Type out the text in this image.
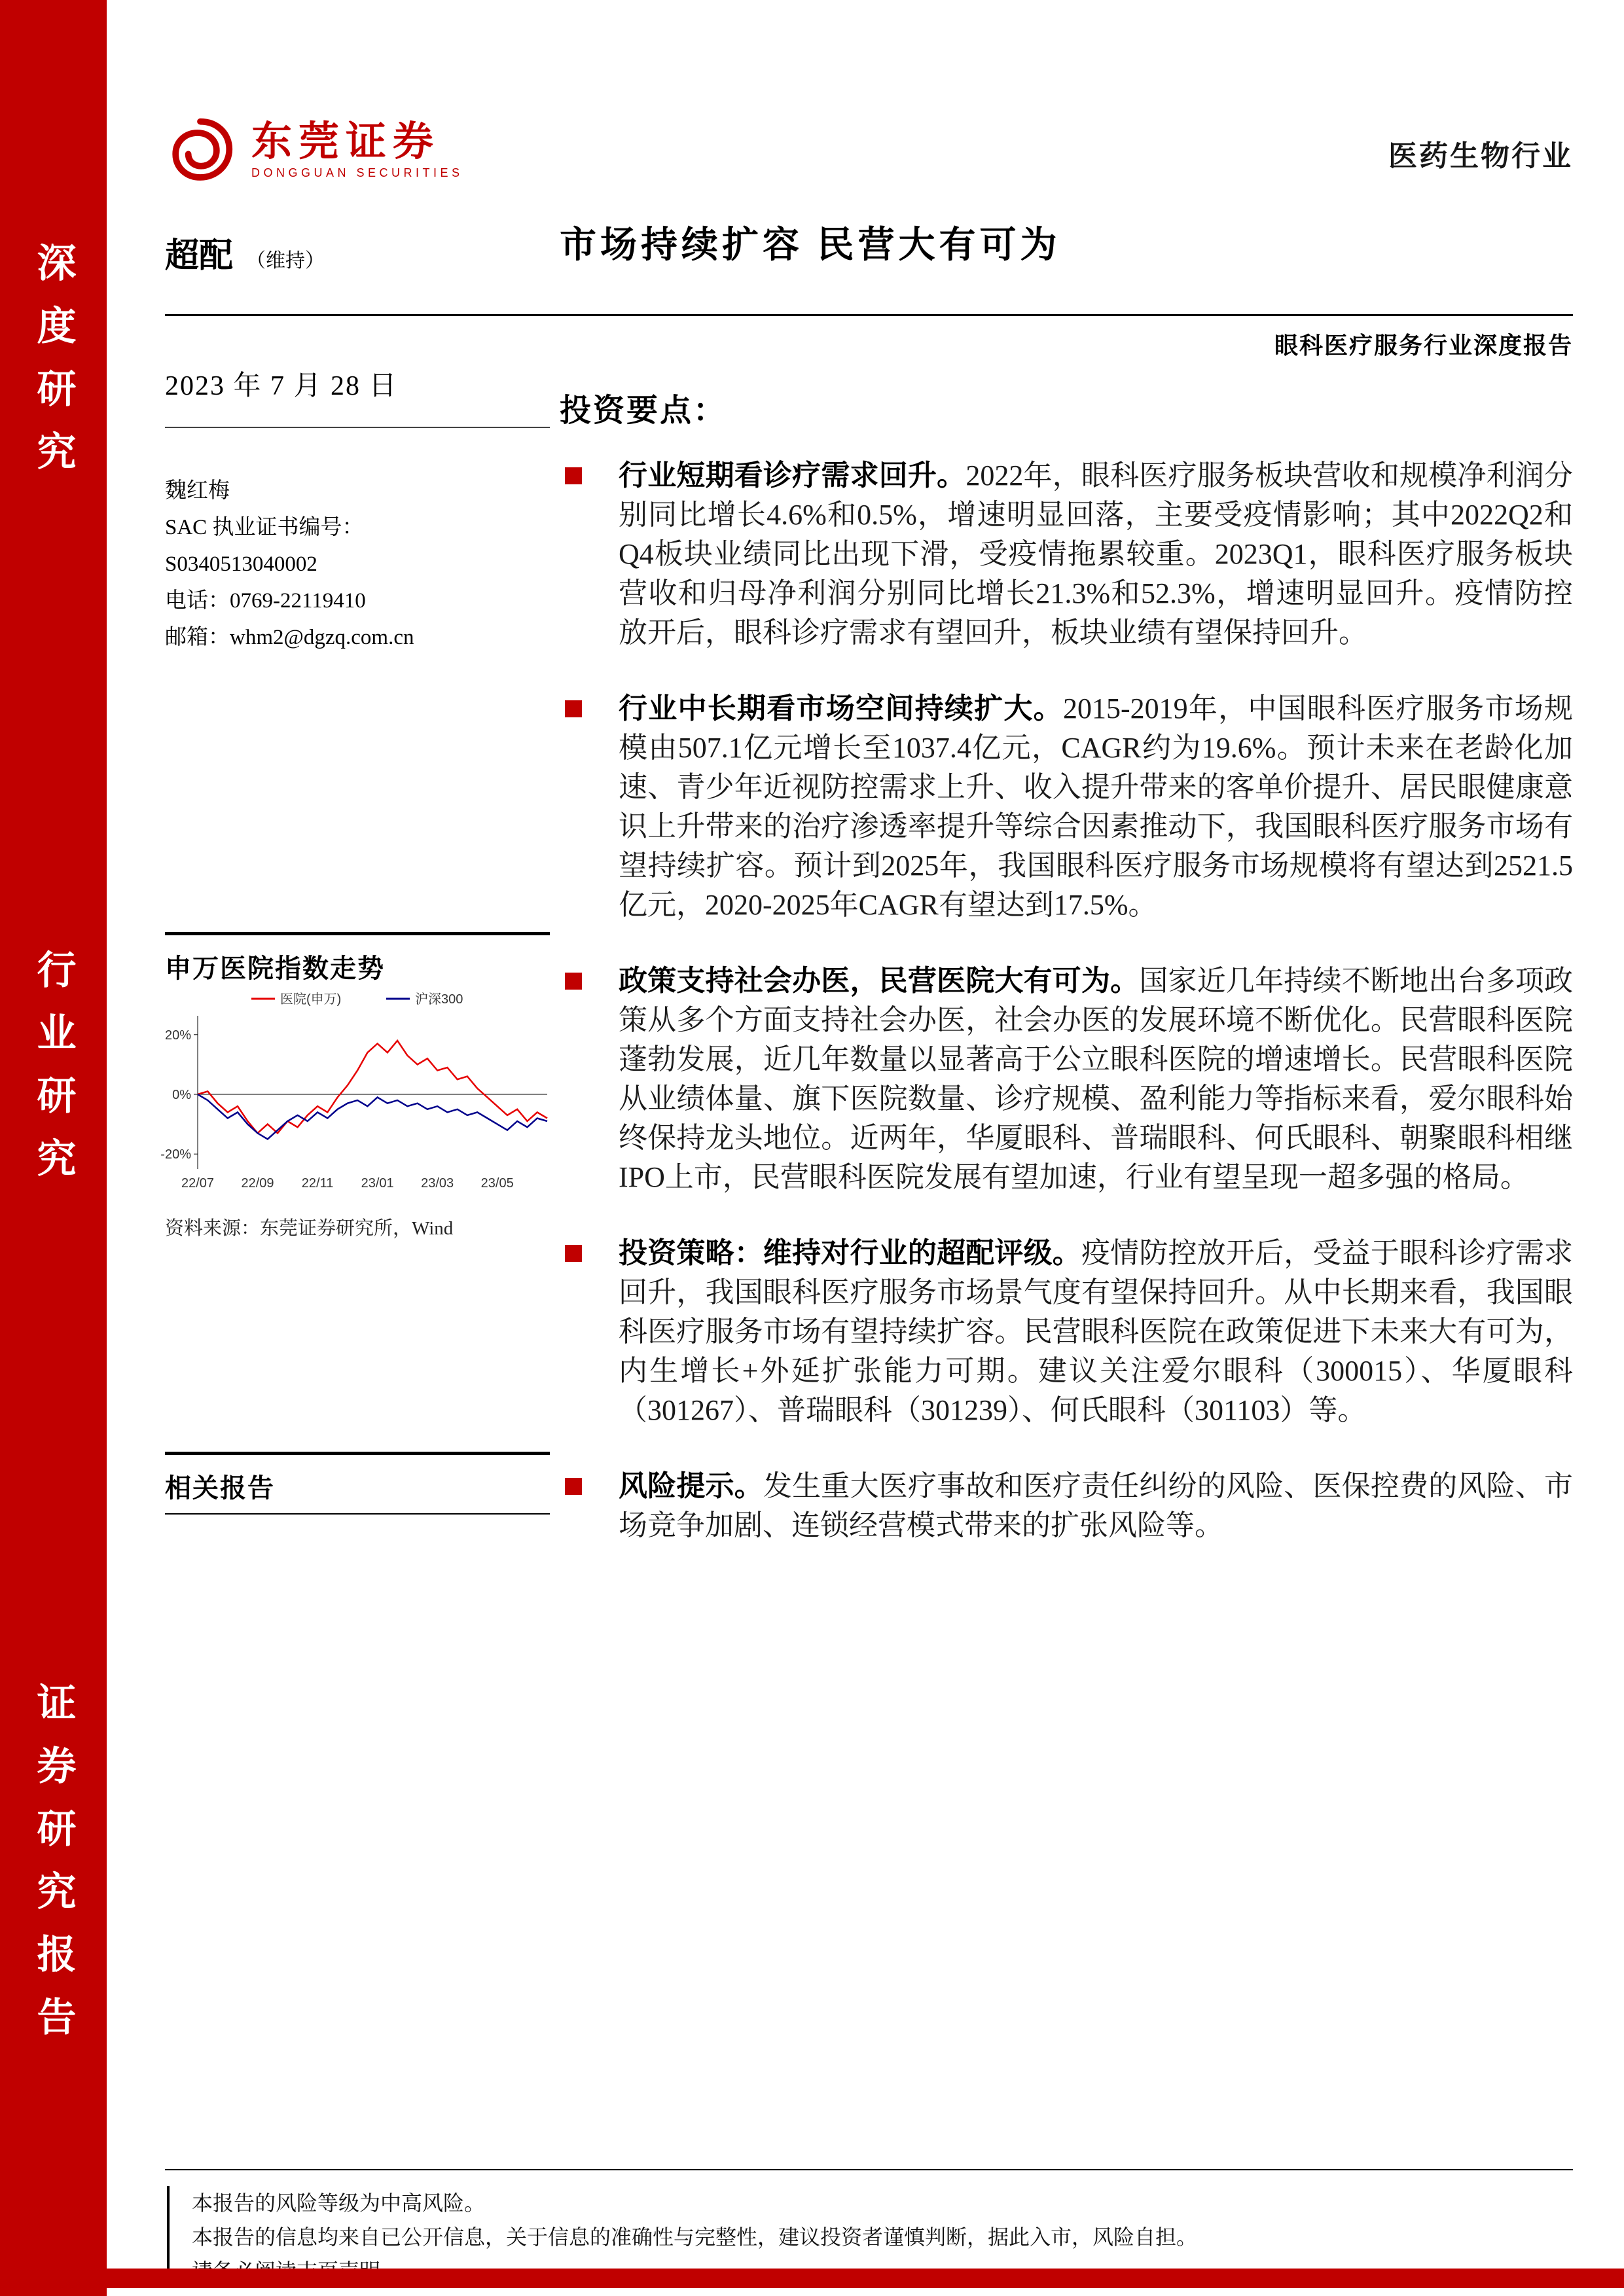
深度研究
行业研究
证券研究报告
东莞证券
DONGGUAN SECURITIES
医药生物行业
超配 （维持）	市场持续扩容 民营大有可为
眼科医疗服务行业深度报告
2023 年 7 月 28 日

魏红梅

SAC 执业证书编号：

S0340513040002

电话：0769-22119410

邮箱：whm2@dgzq.com.cn

申万医院指数走势
20%
0%
-20%
22/07 22/09 22/11 23/01 23/03 23/05
医院(申万)	沪深300
资料来源：东莞证券研究所，Wind
相关报告
投资要点：

行业短期看诊疗需求回升。2022年，眼科医疗服务板块营收和规模净利润分别同比增长4.6%和0.5%，增速明显回落，主要受疫情影响；其中2022Q2和Q4板块业绩同比出现下滑，受疫情拖累较重。2023Q1，眼科医疗服务板块营收和归母净利润分别同比增长21.3%和52.3%，增速明显回升。疫情防控放开后，眼科诊疗需求有望回升，板块业绩有望保持回升。

行业中长期看市场空间持续扩大。2015-2019年，中国眼科医疗服务市场规模由507.1亿元增长至1037.4亿元，CAGR约为19.6%。预计未来在老龄化加速、青少年近视防控需求上升、收入提升带来的客单价提升、居民眼健康意识上升带来的治疗渗透率提升等综合因素推动下，我国眼科医疗服务市场有望持续扩容。预计到2025年，我国眼科医疗服务市场规模将有望达到2521.5亿元，2020-2025年CAGR有望达到17.5%。

政策支持社会办医，民营医院大有可为。国家近几年持续不断地出台多项政策从多个方面支持社会办医，社会办医的发展环境不断优化。民营眼科医院蓬勃发展，近几年数量以显著高于公立眼科医院的增速增长。民营眼科医院从业绩体量、旗下医院数量、诊疗规模、盈利能力等指标来看，爱尔眼科始终保持龙头地位。近两年，华厦眼科、普瑞眼科、何氏眼科、朝聚眼科相继IPO上市，民营眼科医院发展有望加速，行业有望呈现一超多强的格局。

投资策略：维持对行业的超配评级。疫情防控放开后，受益于眼科诊疗需求回升，我国眼科医疗服务市场景气度有望保持回升。从中长期来看，我国眼科医疗服务市场有望持续扩容。民营眼科医院在政策促进下未来大有可为，内生增长+外延扩张能力可期。建议关注爱尔眼科（300015）、华厦眼科（301267）、普瑞眼科（301239）、何氏眼科（301103）等。

风险提示。发生重大医疗事故和医疗责任纠纷的风险、医保控费的风险、市场竞争加剧、连锁经营模式带来的扩张风险等。

本报告的风险等级为中高风险。

本报告的信息均来自已公开信息，关于信息的准确性与完整性，建议投资者谨慎判断，据此入市，风险自担。
